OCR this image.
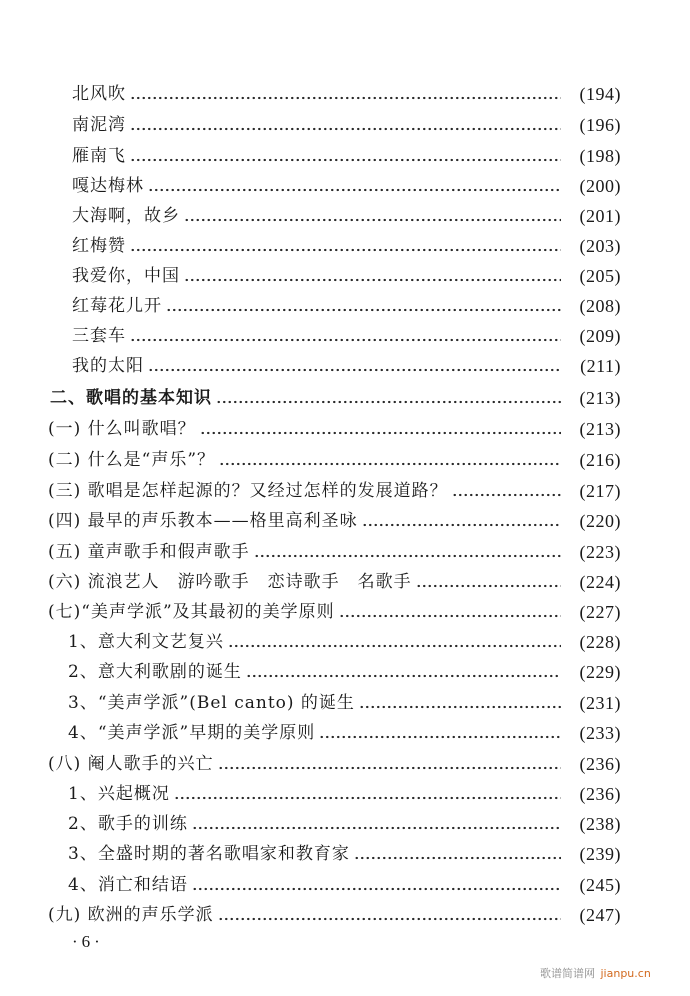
北风吹	(194)
南泥湾	(196)
雁南飞	(198)
嘎达梅林	(200)
大海啊，故乡	(201)
红梅赞	(203)
我爱你，中国	(205)
红莓花儿开	(208)
三套车	(209)
我的太阳	(211)
二、歌唱的基本知识	(213)
(一) 什么叫歌唱？	(213)
(二) 什么是“声乐”？	(216)
(三) 歌唱是怎样起源的？又经过怎样的发展道路？	(217)
(四) 最早的声乐教本——格里高利圣咏	(220)
(五) 童声歌手和假声歌手	(223)
(六) 流浪艺人　游吟歌手　恋诗歌手　名歌手	(224)
(七)“美声学派”及其最初的美学原则	(227)
1、意大利文艺复兴	(228)
2、意大利歌剧的诞生	(229)
3、“美声学派”(Bel canto) 的诞生	(231)
4、“美声学派”早期的美学原则	(233)
(八) 阉人歌手的兴亡	(236)
1、兴起概况	(236)
2、歌手的训练	(238)
3、全盛时期的著名歌唱家和教育家	(239)
4、消亡和结语	(245)
(九) 欧洲的声乐学派	(247)
·6·
歌谱简谱网 jianpu.cn
